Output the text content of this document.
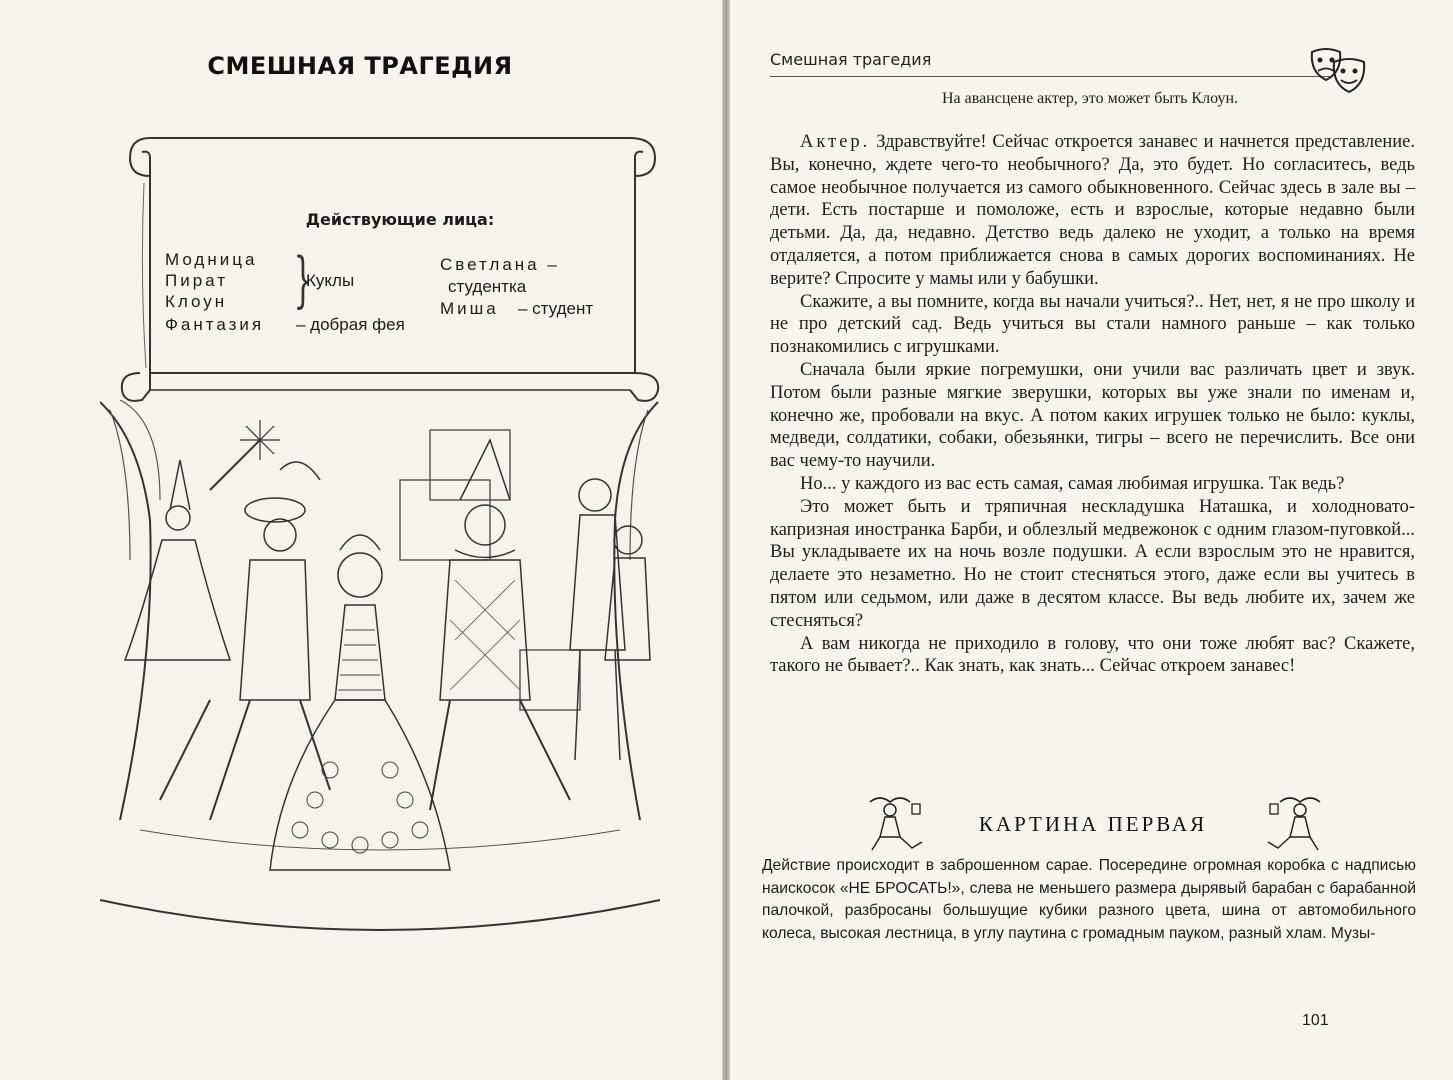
СМЕШНАЯ ТРАГЕДИЯ
Действующие лица:
Модница
Пират
Клоун }
Куклы
Фантазия – добрая фея
Светлана –
студентка
Миша – студент
Смешная трагедия
На авансцене актер, это может быть Клоун.

Актер. Здравствуйте! Сейчас откроется занавес и начнется представление. Вы, конечно, ждете чего-то необычного? Да, это будет. Но согласитесь, ведь самое необычное получается из самого обыкновенного. Сейчас здесь в зале вы – дети. Есть постарше и помоложе, есть и взрослые, которые недавно были детьми. Да, да, недавно. Детство ведь далеко не уходит, а только на время отдаляется, а потом приближается снова в самых дорогих воспоминаниях. Не верите? Спросите у мамы или у бабушки.

Скажите, а вы помните, когда вы начали учиться?.. Нет, нет, я не про школу и не про детский сад. Ведь учиться вы стали намного раньше – как только познакомились с игрушками.

Сначала были яркие погремушки, они учили вас различать цвет и звук. Потом были разные мягкие зверушки, которых вы уже знали по именам и, конечно же, пробовали на вкус. А потом каких игрушек только не было: куклы, медведи, солдатики, собаки, обезьянки, тигры – всего не перечислить. Все они вас чему-то научили.

Но... у каждого из вас есть самая, самая любимая игрушка. Так ведь?

Это может быть и тряпичная нескладушка Наташка, и холодновато-капризная иностранка Барби, и облезлый медвежонок с одним глазом-пуговкой... Вы укладываете их на ночь возле подушки. А если взрослым это не нравится, делаете это незаметно. Но не стоит стесняться этого, даже если вы учитесь в пятом или седьмом, или даже в десятом классе. Вы ведь любите их, зачем же стесняться?

А вам никогда не приходило в голову, что они тоже любят вас? Скажете, такого не бывает?.. Как знать, как знать... Сейчас откроем занавес!

КАРТИНА ПЕРВАЯ
Действие происходит в заброшенном сарае. Посередине огромная коробка с надписью наискосок «НЕ БРОСАТЬ!», слева не меньшего размера дырявый барабан с барабанной палочкой, разбросаны большущие кубики разного цвета, шина от автомобильного колеса, высокая лестница, в углу паутина с громадным пауком, разный хлам. Музы-
101
